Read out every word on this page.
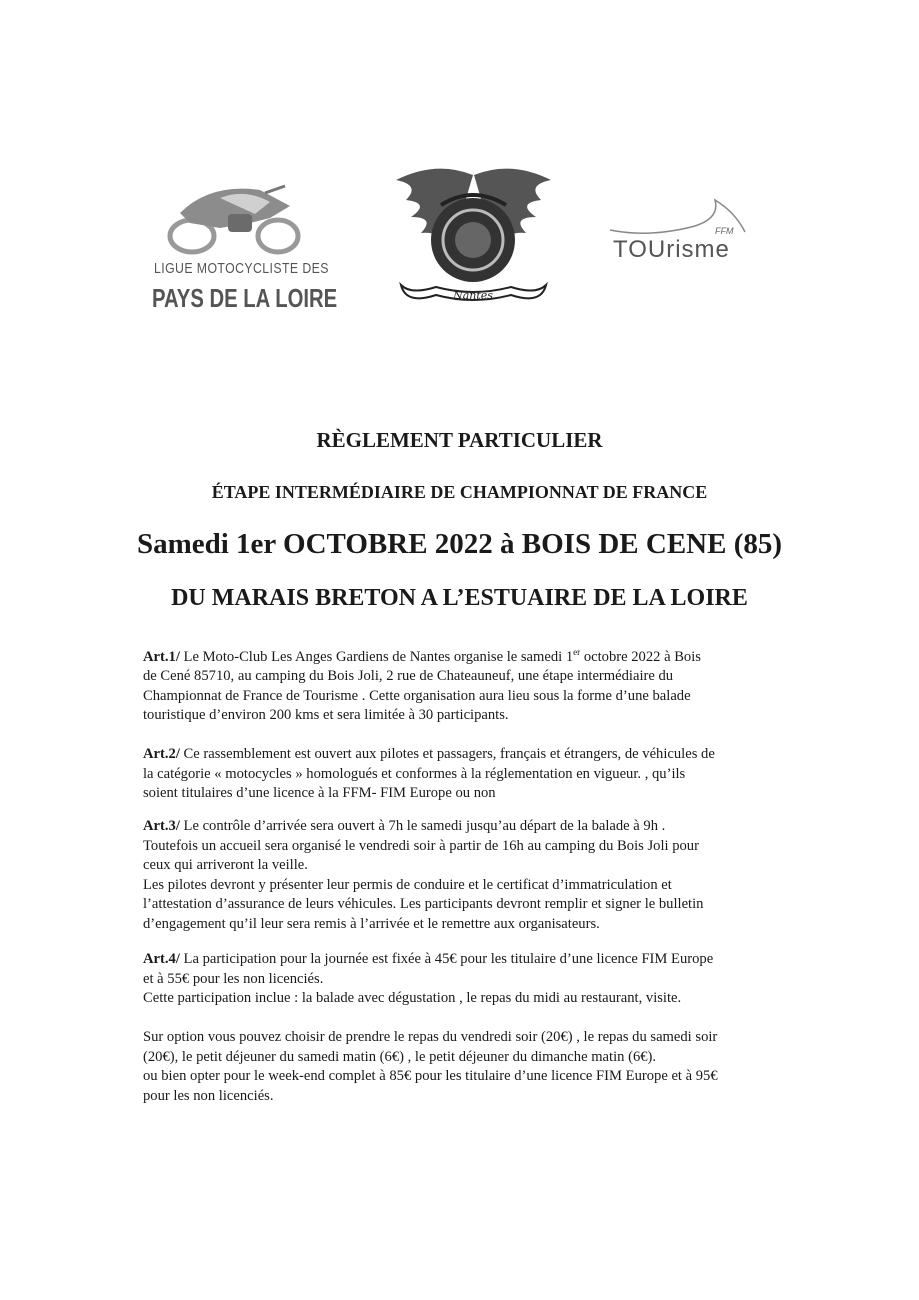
LIGUE MOTOCYCLISTE DES
PAYS DE LA LOIRE	Nantes
FFM
TOUrisme
RÈGLEMENT PARTICULIER
ÉTAPE INTERMÉDIAIRE DE CHAMPIONNAT DE FRANCE
Samedi 1er OCTOBRE 2022 à BOIS DE CENE (85)
DU MARAIS BRETON A L’ESTUAIRE DE LA LOIRE

Art.1/ Le Moto-Club Les Anges Gardiens de Nantes organise le samedi 1er octobre 2022 à Bois

de Cené 85710, au camping du Bois Joli, 2 rue de Chateauneuf, une étape intermédiaire du

Championnat de France de Tourisme . Cette organisation aura lieu sous la forme d’une balade

touristique d’environ 200 kms et sera limitée à 30 participants.

Art.2/ Ce rassemblement est ouvert aux pilotes et passagers, français et étrangers, de véhicules de

la catégorie « motocycles » homologués et conformes à la réglementation en vigueur. , qu’ils

soient titulaires d’une licence à la FFM- FIM Europe ou non

Art.3/ Le contrôle d’arrivée sera ouvert à 7h le samedi jusqu’au départ de la balade à 9h .

Toutefois un accueil sera organisé le vendredi soir à partir de 16h au camping du Bois Joli pour

ceux qui arriveront la veille.

Les pilotes devront y présenter leur permis de conduire et le certificat d’immatriculation et

l’attestation d’assurance de leurs véhicules. Les participants devront remplir et signer le bulletin

d’engagement qu’il leur sera remis à l’arrivée et le remettre aux organisateurs.

Art.4/ La participation pour la journée est fixée à 45€ pour les titulaire d’une licence FIM Europe

et à 55€ pour les non licenciés.

Cette participation inclue : la balade avec dégustation , le repas du midi au restaurant, visite.

Sur option vous pouvez choisir de prendre le repas du vendredi soir (20€) , le repas du samedi soir

(20€), le petit déjeuner du samedi matin (6€) , le petit déjeuner du dimanche matin (6€).

ou bien opter pour le week-end complet à 85€ pour les titulaire d’une licence FIM Europe et à 95€

pour les non licenciés.
